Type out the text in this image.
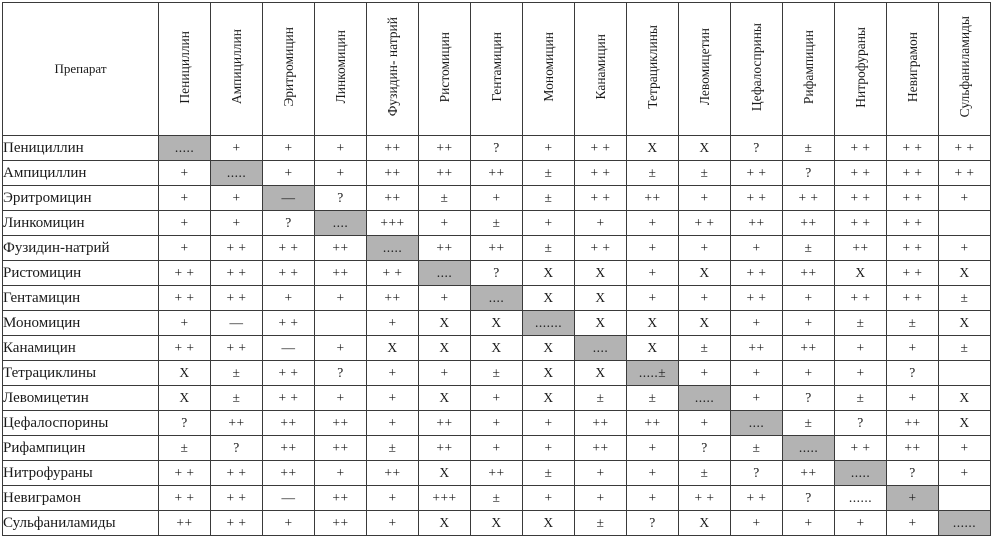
Препарат	Пенициллин	Ампициллин	Эритромицин	Линкомицин	Фузидин- натрий	Ристомицин	Гентамицин	Мономицин	Канамицин	Тетрациклины	Левомицетин	Цефалосприны	Рифампицин	Нитрофураны	Невиграмон	Сульфаниламиды
Пенициллин	.....	+	+	+	++	++	?	+	+ +	X	X	?	±	+ +	+ +	+ +
Ампициллин	+	.....	+	+	++	++	++	±	+ +	±	±	+ +	?	+ +	+ +	+ +
Эритромицин	+	+	—	?	++	±	+	±	+ +	++	+	+ +	+ +	+ +	+ +	+
Линкомицин	+	+	?	....	+++	+	±	+	+	+	+ +	++	++	+ +	+ +	
Фузидин-натрий	+	+ +	+ +	++	.....	++	++	±	+ +	+	+	+	±	++	+ +	+
Ристомицин	+ +	+ +	+ +	++	+ +	....	?	X	X	+	X	+ +	++	X	+ +	X
Гентамицин	+ +	+ +	+	+	++	+	....	X	X	+	+	+ +	+	+ +	+ +	±
Мономицин	+	—	+ +		+	X	X	.......	X	X	X	+	+	±	±	X
Канамицин	+ +	+ +	—	+	X	X	X	X	....	X	±	++	++	+	+	±
Тетрациклины	X	±	+ +	?	+	+	±	X	X	.....±	+	+	+	+	?	
Левомицетин	X	±	+ +	+	+	X	+	X	±	±	.....	+	?	±	+	X
Цефалоспорины	?	++	++	++	+	++	+	+	++	++	+	....	±	?	++	X
Рифампицин	±	?	++	++	±	++	+	+	++	+	?	±	.....	+ +	++	+
Нитрофураны	+ +	+ +	++	+	++	X	++	±	+	+	±	?	++	.....	?	+
Невиграмон	+ +	+ +	—	++	+	+++	±	+	+	+	+ +	+ +	?	......	+	
Сульфаниламиды	++	+ +	+	++	+	X	X	X	±	?	X	+	+	+	+	......
